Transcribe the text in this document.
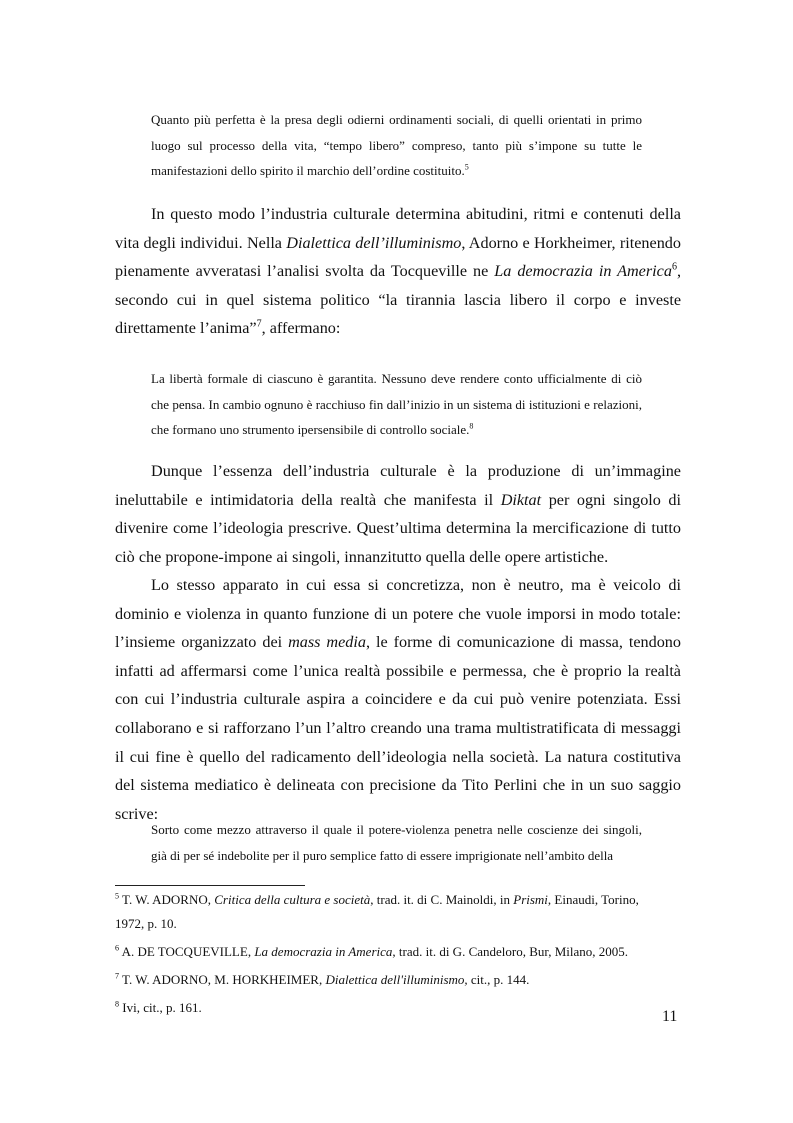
Quanto più perfetta è la presa degli odierni ordinamenti sociali, di quelli orientati in primo luogo sul processo della vita, “tempo libero” compreso, tanto più s’impone su tutte le manifestazioni dello spirito il marchio dell’ordine costituito.$^5$

In questo modo l’industria culturale determina abitudini, ritmi e contenuti della vita degli individui. Nella Dialettica dell’illuminismo, Adorno e Horkheimer, ritenendo pienamente avveratasi l’analisi svolta da Tocqueville ne La democrazia in America$^6$, secondo cui in quel sistema politico “la tirannia lascia libero il corpo e investe direttamente l’anima”$^7$, affermano:

La libertà formale di ciascuno è garantita. Nessuno deve rendere conto ufficialmente di ciò che pensa. In cambio ognuno è racchiuso fin dall’inizio in un sistema di istituzioni e relazioni, che formano uno strumento ipersensibile di controllo sociale.$^8$

Dunque l’essenza dell’industria culturale è la produzione di un’immagine ineluttabile e intimidatoria della realtà che manifesta il Diktat per ogni singolo di divenire come l’ideologia prescrive. Quest’ultima determina la mercificazione di tutto ciò che propone-impone ai singoli, innanzitutto quella delle opere artistiche.

Lo stesso apparato in cui essa si concretizza, non è neutro, ma è veicolo di dominio e violenza in quanto funzione di un potere che vuole imporsi in modo totale: l’insieme organizzato dei mass media, le forme di comunicazione di massa, tendono infatti ad affermarsi come l’unica realtà possibile e permessa, che è proprio la realtà con cui l’industria culturale aspira a coincidere e da cui può venire potenziata. Essi collaborano e si rafforzano l’un l’altro creando una trama multistratificata di messaggi il cui fine è quello del radicamento dell’ideologia nella società. La natura costitutiva del sistema mediatico è delineata con precisione da Tito Perlini che in un suo saggio scrive:

Sorto come mezzo attraverso il quale il potere-violenza penetra nelle coscienze dei singoli, già di per sé indebolite per il puro semplice fatto di essere imprigionate nell’ambito della
$^5$ T. W. ADORNO, Critica della cultura e società, trad. it. di C. Mainoldi, in Prismi, Einaudi, Torino,
1972, p. 10.
$^6$ A. DE TOCQUEVILLE, La democrazia in America, trad. it. di G. Candeloro, Bur, Milano, 2005.
$^7$ T. W. ADORNO, M. HORKHEIMER, Dialettica dell'illuminismo, cit., p. 144.
$^8$ Ivi, cit., p. 161.
11
